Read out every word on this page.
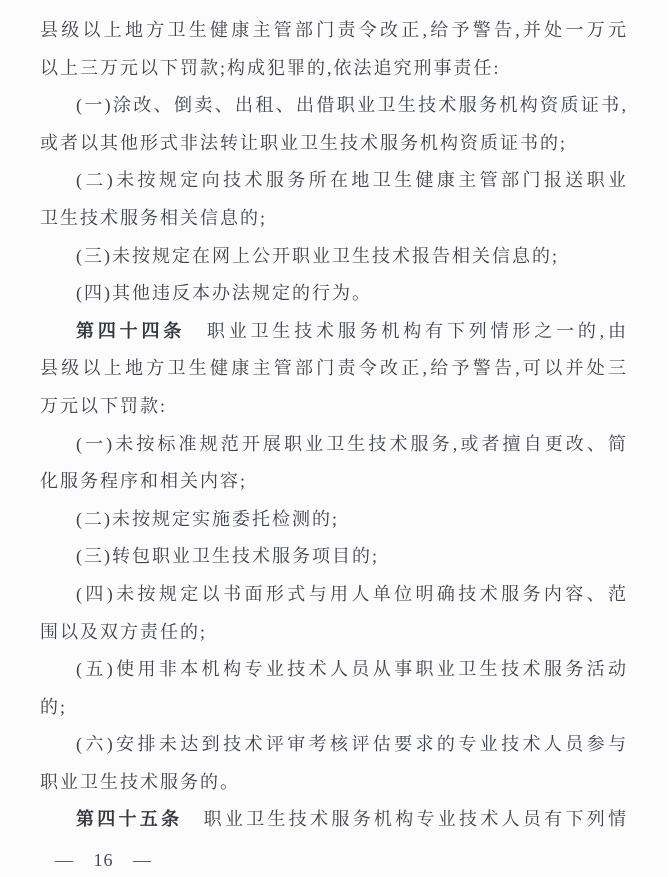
县级以上地方卫生健康主管部门责令改正,给予警告,并处一万元
以上三万元以下罚款;构成犯罪的,依法追究刑事责任:
(一)涂改、倒卖、出租、出借职业卫生技术服务机构资质证书,
或者以其他形式非法转让职业卫生技术服务机构资质证书的;
(二)未按规定向技术服务所在地卫生健康主管部门报送职业
卫生技术服务相关信息的;
(三)未按规定在网上公开职业卫生技术报告相关信息的;
(四)其他违反本办法规定的行为。
第四十四条 职业卫生技术服务机构有下列情形之一的,由
县级以上地方卫生健康主管部门责令改正,给予警告,可以并处三
万元以下罚款:
(一)未按标准规范开展职业卫生技术服务,或者擅自更改、简
化服务程序和相关内容;
(二)未按规定实施委托检测的;
(三)转包职业卫生技术服务项目的;
(四)未按规定以书面形式与用人单位明确技术服务内容、范
围以及双方责任的;
(五)使用非本机构专业技术人员从事职业卫生技术服务活动
的;
(六)安排未达到技术评审考核评估要求的专业技术人员参与
职业卫生技术服务的。
第四十五条 职业卫生技术服务机构专业技术人员有下列情
— 16 —
